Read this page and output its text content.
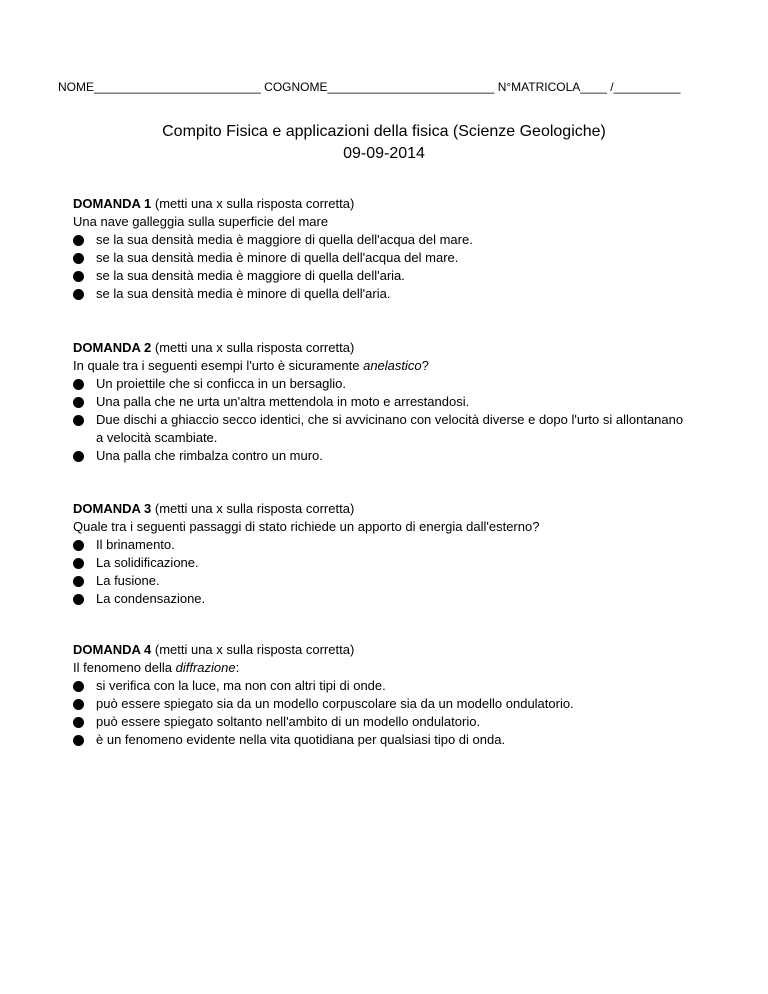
NOME_________________________ COGNOME_________________________ N°MATRICOLA____ /__________
Compito Fisica e applicazioni della fisica (Scienze Geologiche)
09-09-2014
DOMANDA 1 (metti una x sulla risposta corretta)
Una nave galleggia sulla superficie del mare
se la sua densità media è maggiore di quella dell'acqua del mare.
se la sua densità media è minore di quella dell'acqua del mare.
se la sua densità media è maggiore di quella dell'aria.
se la sua densità media è minore di quella dell'aria.
DOMANDA 2 (metti una x sulla risposta corretta)
In quale tra i seguenti esempi l'urto è sicuramente anelastico?
Un proiettile che si conficca in un bersaglio.
Una palla che ne urta un'altra mettendola in moto e arrestandosi.
Due dischi a ghiaccio secco identici, che si avvicinano con velocità diverse e dopo l'urto si allontanano a velocità scambiate.
Una palla che rimbalza contro un muro.
DOMANDA 3 (metti una x sulla risposta corretta)
Quale tra i seguenti passaggi di stato richiede un apporto di energia dall'esterno?
Il brinamento.
La solidificazione.
La fusione.
La condensazione.
DOMANDA 4 (metti una x sulla risposta corretta)
Il fenomeno della diffrazione:
si verifica con la luce, ma non con altri tipi di onde.
può essere spiegato sia da un modello corpuscolare sia da un modello ondulatorio.
può essere spiegato soltanto nell'ambito di un modello ondulatorio.
è un fenomeno evidente nella vita quotidiana per qualsiasi tipo di onda.
